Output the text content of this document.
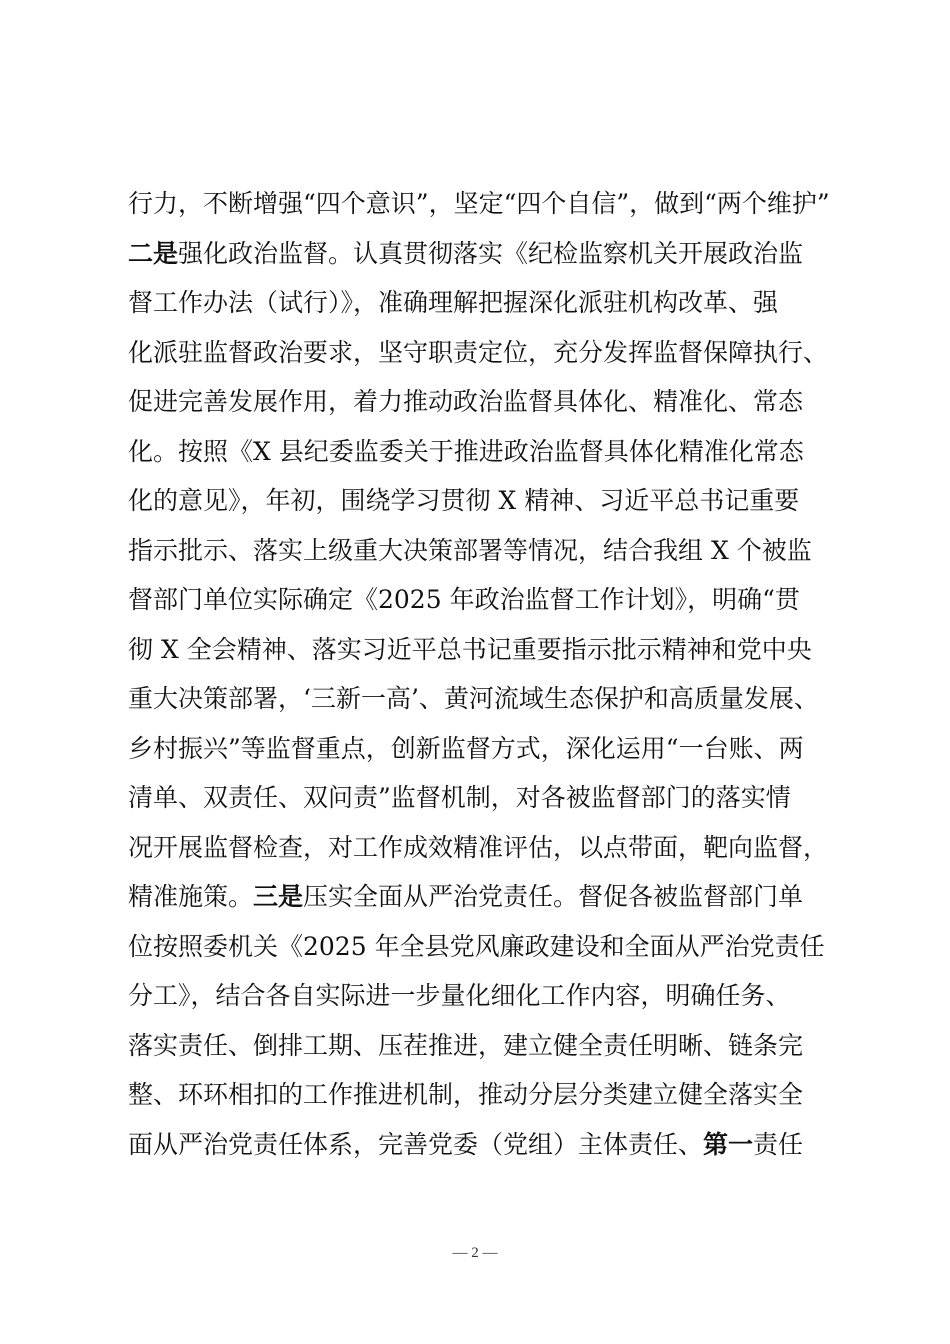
行力，不断增强“四个意识”，坚定“四个自信”，做到“两个维护”
二是强化政治监督。认真贯彻落实《纪检监察机关开展政治监
督工作办法（试行）》，准确理解把握深化派驻机构改革、强
化派驻监督政治要求，坚守职责定位，充分发挥监督保障执行、
促进完善发展作用，着力推动政治监督具体化、精准化、常态
化。按照《X 县纪委监委关于推进政治监督具体化精准化常态
化的意见》，年初，围绕学习贯彻 X 精神、习近平总书记重要
指示批示、落实上级重大决策部署等情况，结合我组 X 个被监
督部门单位实际确定《2025 年政治监督工作计划》，明确“贯
彻 X 全会精神、落实习近平总书记重要指示批示精神和党中央
重大决策部署，‘三新一高’、黄河流域生态保护和高质量发展、
乡村振兴”等监督重点，创新监督方式，深化运用“一台账、两
清单、双责任、双问责”监督机制，对各被监督部门的落实情
况开展监督检查，对工作成效精准评估，以点带面，靶向监督，
精准施策。三是压实全面从严治党责任。督促各被监督部门单
位按照委机关《2025 年全县党风廉政建设和全面从严治党责任
分工》，结合各自实际进一步量化细化工作内容，明确任务、
落实责任、倒排工期、压茬推进，建立健全责任明晰、链条完
整、环环相扣的工作推进机制，推动分层分类建立健全落实全
面从严治党责任体系，完善党委（党组）主体责任、第一责任
— 2 —
